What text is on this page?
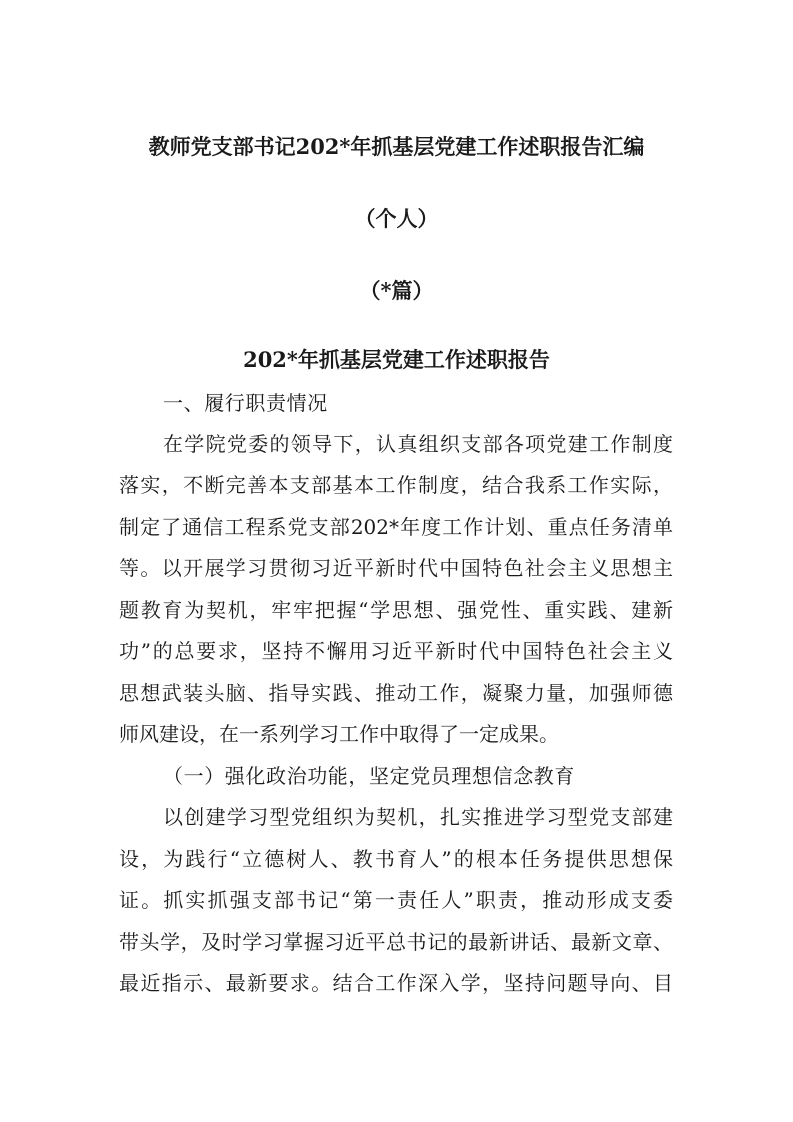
教师党支部书记202*年抓基层党建工作述职报告汇编
（个人）
（*篇）
202*年抓基层党建工作述职报告
一、履行职责情况
在学院党委的领导下，认真组织支部各项党建工作制度
落实，不断完善本支部基本工作制度，结合我系工作实际，
制定了通信工程系党支部202*年度工作计划、重点任务清单
等。以开展学习贯彻习近平新时代中国特色社会主义思想主
题教育为契机，牢牢把握“学思想、强党性、重实践、建新
功”的总要求，坚持不懈用习近平新时代中国特色社会主义
思想武装头脑、指导实践、推动工作，凝聚力量，加强师德
师风建设，在一系列学习工作中取得了一定成果。
（一）强化政治功能，坚定党员理想信念教育
以创建学习型党组织为契机，扎实推进学习型党支部建
设，为践行“立德树人、教书育人”的根本任务提供思想保
证。抓实抓强支部书记“第一责任人”职责，推动形成支委
带头学，及时学习掌握习近平总书记的最新讲话、最新文章、
最近指示、最新要求。结合工作深入学，坚持问题导向、目
